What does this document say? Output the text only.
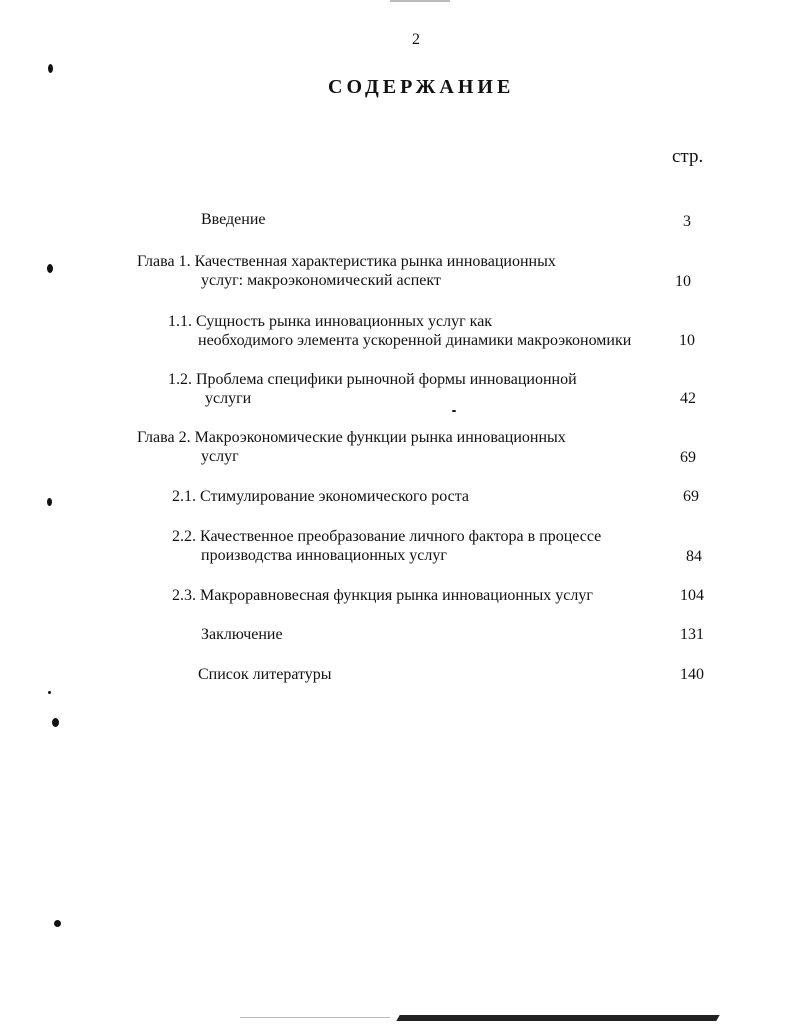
2
СОДЕРЖАНИЕ
стр.
Введение	3
Глава 1. Качественная характеристика рынка инновационных
услуг: макроэкономический аспект	10
1.1. Сущность рынка инновационных услуг как
необходимого элемента ускоренной динамики макроэкономики	10
1.2. Проблема специфики рыночной формы инновационной
услуги	42
Глава 2. Макроэкономические функции рынка инновационных
услуг	69
2.1. Стимулирование экономического роста	69
2.2. Качественное преобразование личного фактора в процессе
производства инновационных услуг	84
2.3. Макроравновесная функция рынка инновационных услуг	104
Заключение	131
Список литературы	140
